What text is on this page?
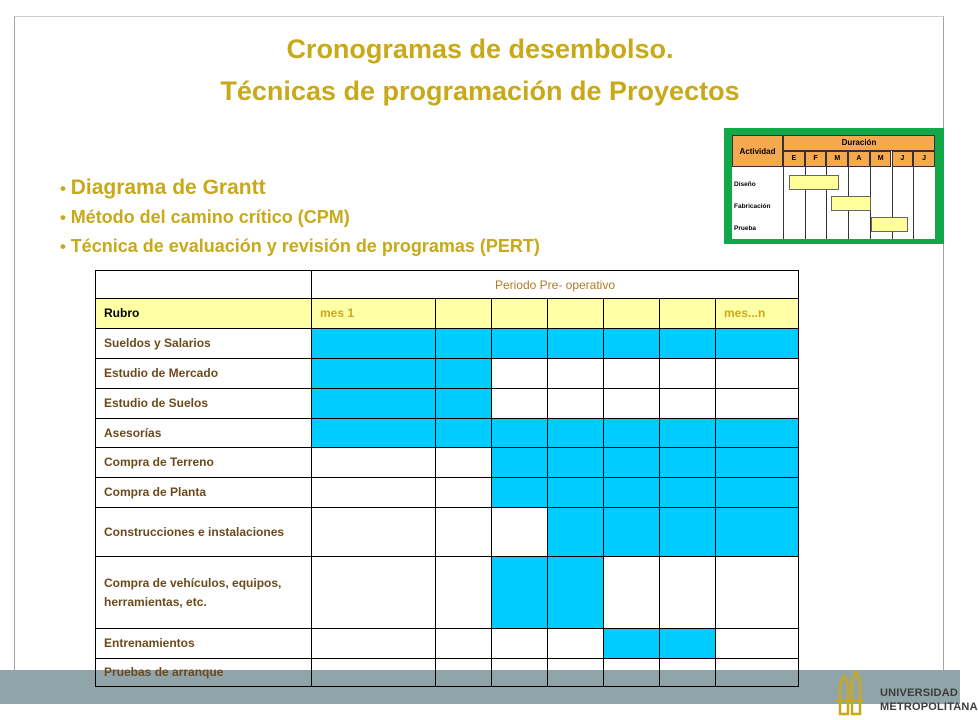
Cronogramas de desembolso.
Técnicas de programación de Proyectos
• Diagrama de Grantt
• Método del camino crítico (CPM)
• Técnica de evaluación y revisión de programas (PERT)
Actividad
Duración
E	F	M	A	M	J	J
Diseño
Fabricación
Prueba
	Periodo Pre- operativo							
Rubro	mes 1						mes...n	
Sueldos y Salarios								
Estudio de Mercado								
Estudio de Suelos								
Asesorías								
Compra de Terreno								
Compra de Planta								
Construcciones e instalaciones								
Compra de vehículos, equipos, herramientas, etc.								
Entrenamientos								
Pruebas de arranque								
UNIVERSIDAD
METROPOLITANA
